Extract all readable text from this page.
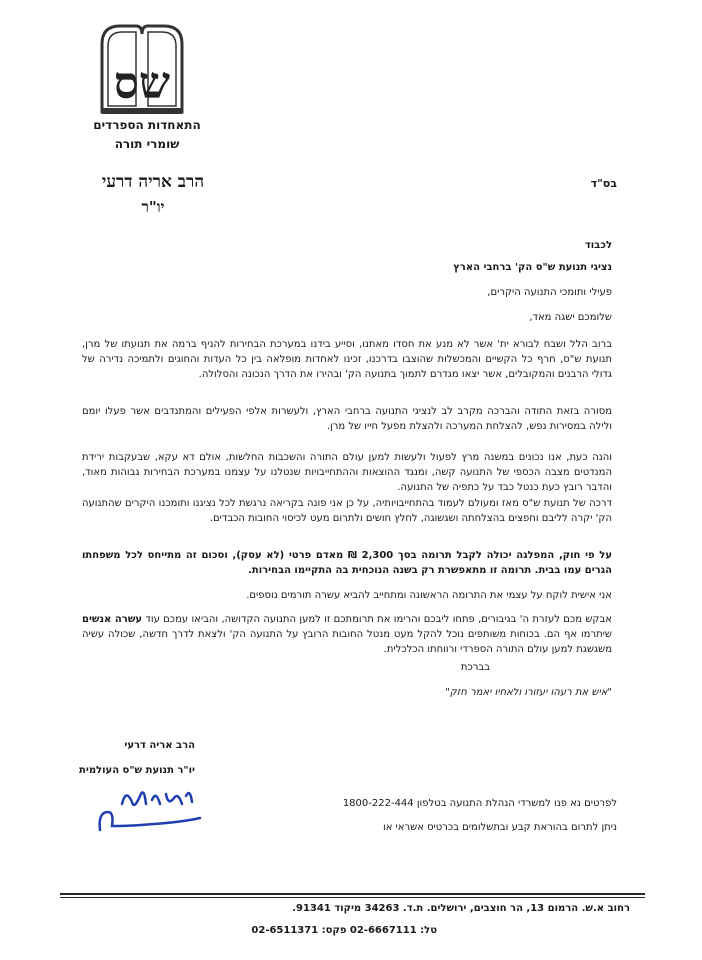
שס
התאחדות הספרדים
שומרי תורה
הרב אריה דרעי
יו"ר
בס"ד
לכבוד
נציגי תנועת ש"ס הק' ברחבי הארץ
פעילי ותומכי התנועה היקרים,
שלומכם ישגה מאד,
ברוב הלל ושבח לבורא ית' אשר לא מנע את חסדו מאתנו, וסייע בידנו במערכת הבחירות להניף ברמה את תנועתו של מרן, תנועת ש"ס, חרף כל הקשיים והמכשלות שהוצבו בדרכנו, זכינו לאחדות מופלאה בין כל העדות והחוגים ולתמיכה נדירה של גדולי הרבנים והמקובלים, אשר יצאו מגדרם לתמוך בתנועה הק' ובהירו את הדרך הנכונה והסלולה.
מסורה בזאת התודה והברכה מקרב לב לנציגי התנועה ברחבי הארץ, ולעשרות אלפי הפעילים והמתנדבים אשר פעלו יומם ולילה במסירות נפש, להצלחת המערכה ולהצלת מפעל חייו של מרן.
והנה כעת, אנו נכונים במשנה מרץ לפעול ולעשות למען עולם התורה והשכבות החלשות, אולם דא עקא, שבעקבות ירידת המנדטים מצבה הכספי של התנועה קשה, ומנגד ההוצאות וההתחייבויות שנטלנו על עצמנו במערכת הבחירות גבוהות מאוד, והדבר רובץ כעת כנטל כבד על כתפיה של התנועה.
דרכה של תנועת ש"ס מאז ומעולם לעמוד בהתחייבויותיה, על כן אני פונה בקריאה נרגשת לכל נציגנו ותומכנו היקרים שהתנועה הק' יקרה לליבם וחפצים בהצלחתה ושגשוגה, לחלץ חושים ולתרום מעט לכיסוי החובות הכבדים.
על פי חוק, המפלגה יכולה לקבל תרומה בסך 2,300 ₪ מאדם פרטי (לא עסק), וסכום זה מתייחס לכל משפחתו הגרים עמו בבית. תרומה זו מתאפשרת רק בשנה הנוכחית בה התקיימו הבחירות.
אני אישית לוקח על עצמי את התרומה הראשונה ומתחייב להביא עשרה תורמים נוספים.
אבקש מכם לעזרת ה' בגיבורים, פתחו ליבכם והרימו את תרומתכם זו למען התנועה הקדושה, והביאו עמכם עוד עשרה אנשים שיתרמו אף הם. בכוחות משותפים נוכל להקל מעט מנטל החובות הרובץ על התנועה הק' ולצאת לדרך חדשה, שכולה עשיה משגשגת למען עולם התורה הספרדי ורווחתו הכלכלית.
בברכת
"איש את רעהו יעזורו ולאחיו יאמר חזק"
הרב אריה דרעי
יו"ר תנועת ש"ס העולמית
לפרטים נא פנו למשרדי הנהלת התנועה בטלפון 1800-222-444
ניתן לתרום בהוראת קבע ובתשלומים בכרטיס אשראי או
רחוב א.ש. הרמום 13, הר חוצבים, ירושלים. ת.ד. 34263 מיקוד 91341.
טל: 02-6667111 פקס: 02-6511371
